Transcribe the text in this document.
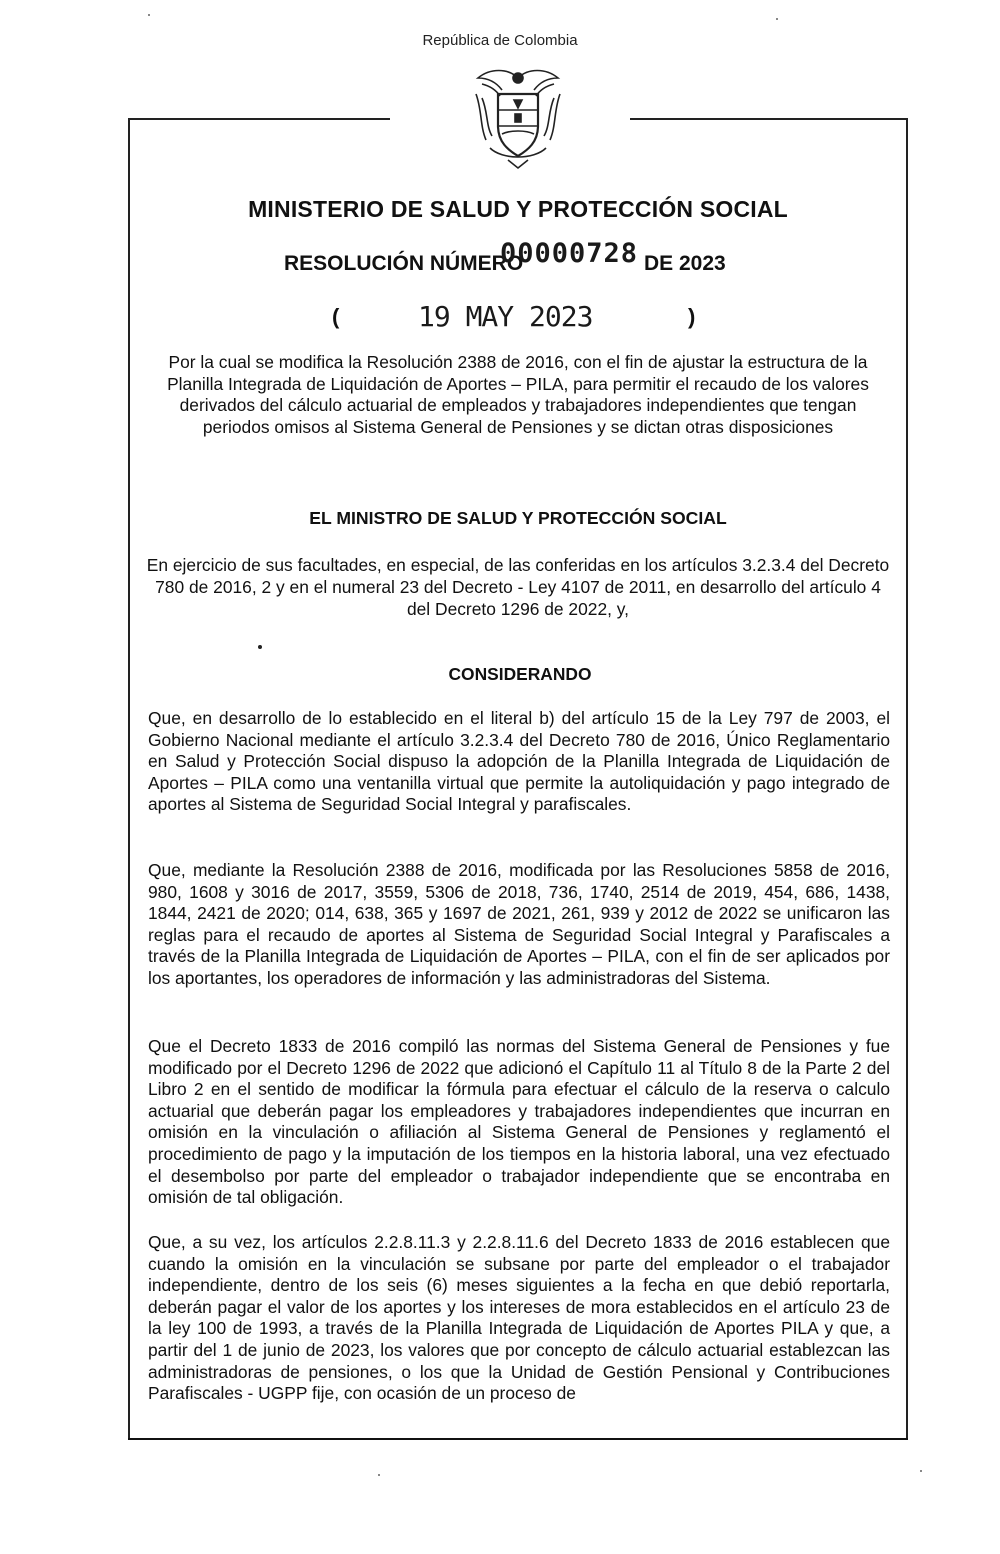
República de Colombia
MINISTERIO DE SALUD Y PROTECCIÓN SOCIAL
RESOLUCIÓN NÚMERO
00000728 DE 2023
(	19 MAY 2023	)
Por la cual se modifica la Resolución 2388 de 2016, con el fin de ajustar la estructura de la Planilla Integrada de Liquidación de Aportes – PILA, para permitir el recaudo de los valores derivados del cálculo actuarial de empleados y trabajadores independientes que tengan periodos omisos al Sistema General de Pensiones y se dictan otras disposiciones
EL MINISTRO DE SALUD Y PROTECCIÓN SOCIAL
En ejercicio de sus facultades, en especial, de las conferidas en los artículos 3.2.3.4 del Decreto 780 de 2016, 2 y en el numeral 23 del Decreto - Ley 4107 de 2011, en desarrollo del artículo 4 del Decreto 1296 de 2022, y,
CONSIDERANDO
Que, en desarrollo de lo establecido en el literal b) del artículo 15 de la Ley 797 de 2003, el Gobierno Nacional mediante el artículo 3.2.3.4 del Decreto 780 de 2016, Único Reglamentario en Salud y Protección Social dispuso la adopción de la Planilla Integrada de Liquidación de Aportes – PILA como una ventanilla virtual que permite la autoliquidación y pago integrado de aportes al Sistema de Seguridad Social Integral y parafiscales.
Que, mediante la Resolución 2388 de 2016, modificada por las Resoluciones 5858 de 2016, 980, 1608 y 3016 de 2017, 3559, 5306 de 2018, 736, 1740, 2514 de 2019, 454, 686, 1438, 1844, 2421 de 2020; 014, 638, 365 y 1697 de 2021, 261, 939 y 2012 de 2022 se unificaron las reglas para el recaudo de aportes al Sistema de Seguridad Social Integral y Parafiscales a través de la Planilla Integrada de Liquidación de Aportes – PILA, con el fin de ser aplicados por los aportantes, los operadores de información y las administradoras del Sistema.
Que el Decreto 1833 de 2016 compiló las normas del Sistema General de Pensiones y fue modificado por el Decreto 1296 de 2022 que adicionó el Capítulo 11 al Título 8 de la Parte 2 del Libro 2 en el sentido de modificar la fórmula para efectuar el cálculo de la reserva o calculo actuarial que deberán pagar los empleadores y trabajadores independientes que incurran en omisión en la vinculación o afiliación al Sistema General de Pensiones y reglamentó el procedimiento de pago y la imputación de los tiempos en la historia laboral, una vez efectuado el desembolso por parte del empleador o trabajador independiente que se encontraba en omisión de tal obligación.
Que, a su vez, los artículos 2.2.8.11.3 y 2.2.8.11.6 del Decreto 1833 de 2016 establecen que cuando la omisión en la vinculación se subsane por parte del empleador o el trabajador independiente, dentro de los seis (6) meses siguientes a la fecha en que debió reportarla, deberán pagar el valor de los aportes y los intereses de mora establecidos en el artículo 23 de la ley 100 de 1993, a través de la Planilla Integrada de Liquidación de Aportes PILA y que, a partir del 1 de junio de 2023, los valores que por concepto de cálculo actuarial establezcan las administradoras de pensiones, o los que la Unidad de Gestión Pensional y Contribuciones Parafiscales - UGPP fije, con ocasión de un proceso de
